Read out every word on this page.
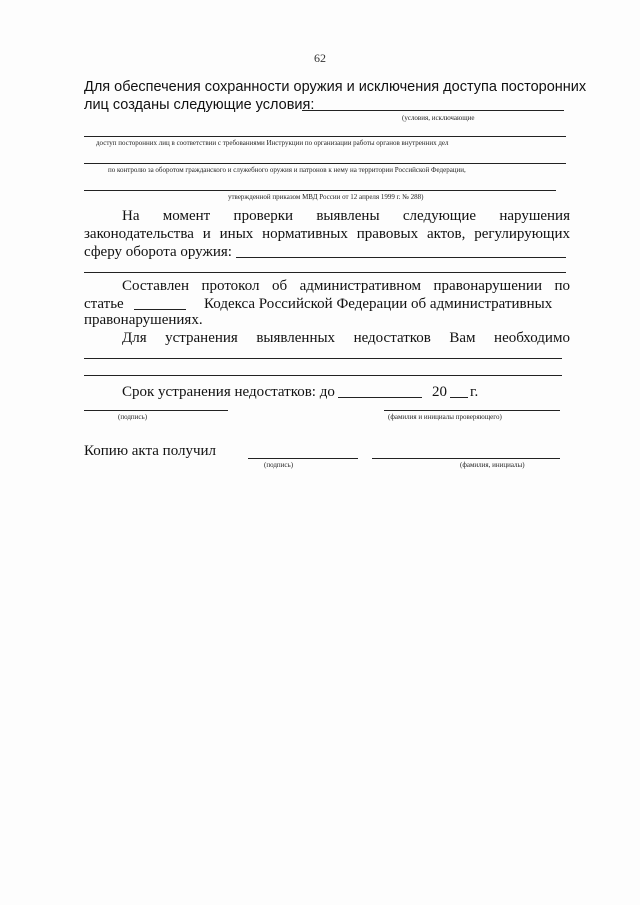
62
Для обеспечения сохранности оружия и исключения доступа посторонних
лиц созданы следующие условия:
(условия, исключающие
доступ посторонних лиц в соответствии с требованиями Инструкции по организации работы органов внутренних дел
по контролю за оборотом гражданского и служебного оружия и патронов к нему на территории Российской Федерации,
утвержденной приказом МВД России от 12 апреля 1999 г. № 288)
На момент проверки выявлены следующие нарушения
законодательства и иных нормативных правовых актов, регулирующих
сферу оборота оружия:
Составлен протокол об административном правонарушении по
статье	Кодекса Российской Федерации об административных
правонарушениях.
Для устранения выявленных недостатков Вам необходимо
Срок устранения недостатков: до	20 г.
(подпись)	(фамилия и инициалы проверяющего)
Копию акта получил
(подпись)	(фамилия, инициалы)
